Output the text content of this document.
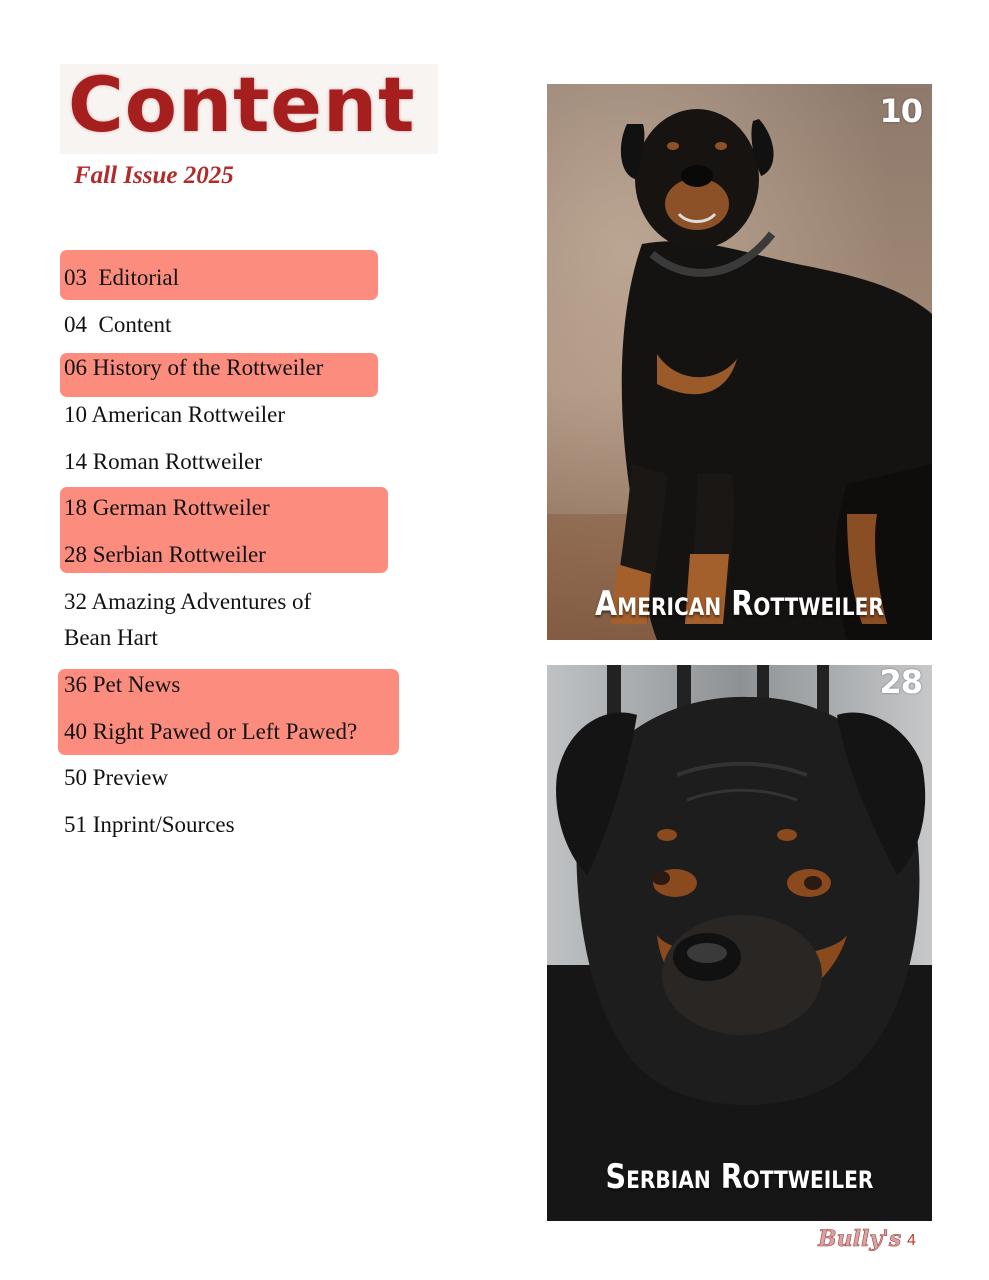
Content
Fall Issue 2025
03  Editorial
04  Content
06 History of the Rottweiler
10 American Rottweiler
14 Roman Rottweiler
18 German Rottweiler
28 Serbian Rottweiler
32 Amazing Adventures of
Bean Hart
36 Pet News
40 Right Pawed or Left Pawed?
50 Preview
51 Inprint/Sources
10
American Rottweiler
28
Serbian Rottweiler
Bully's 4
